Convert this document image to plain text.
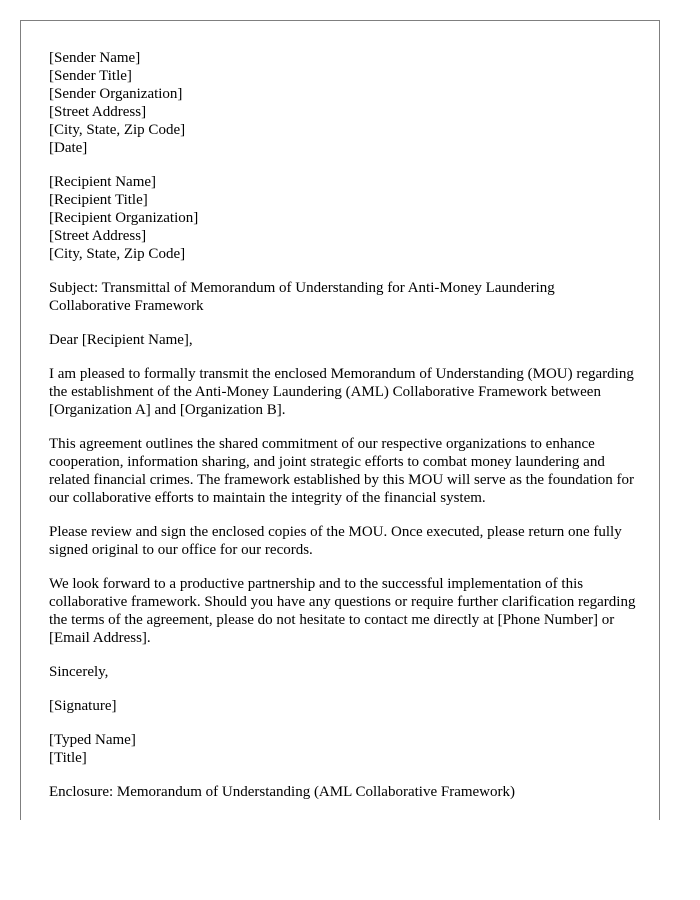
[Sender Name]
[Sender Title]
[Sender Organization]
[Street Address]
[City, State, Zip Code]
[Date]
[Recipient Name]
[Recipient Title]
[Recipient Organization]
[Street Address]
[City, State, Zip Code]

Subject: Transmittal of Memorandum of Understanding for Anti-Money Laundering Collaborative Framework

Dear [Recipient Name],

I am pleased to formally transmit the enclosed Memorandum of Understanding (MOU) regarding the establishment of the Anti-Money Laundering (AML) Collaborative Framework between [Organization A] and [Organization B].

This agreement outlines the shared commitment of our respective organizations to enhance cooperation, information sharing, and joint strategic efforts to combat money laundering and related financial crimes. The framework established by this MOU will serve as the foundation for our collaborative efforts to maintain the integrity of the financial system.

Please review and sign the enclosed copies of the MOU. Once executed, please return one fully signed original to our office for our records.

We look forward to a productive partnership and to the successful implementation of this collaborative framework. Should you have any questions or require further clarification regarding the terms of the agreement, please do not hesitate to contact me directly at [Phone Number] or [Email Address].

Sincerely,

[Signature]

[Typed Name]
[Title]

Enclosure: Memorandum of Understanding (AML Collaborative Framework)
